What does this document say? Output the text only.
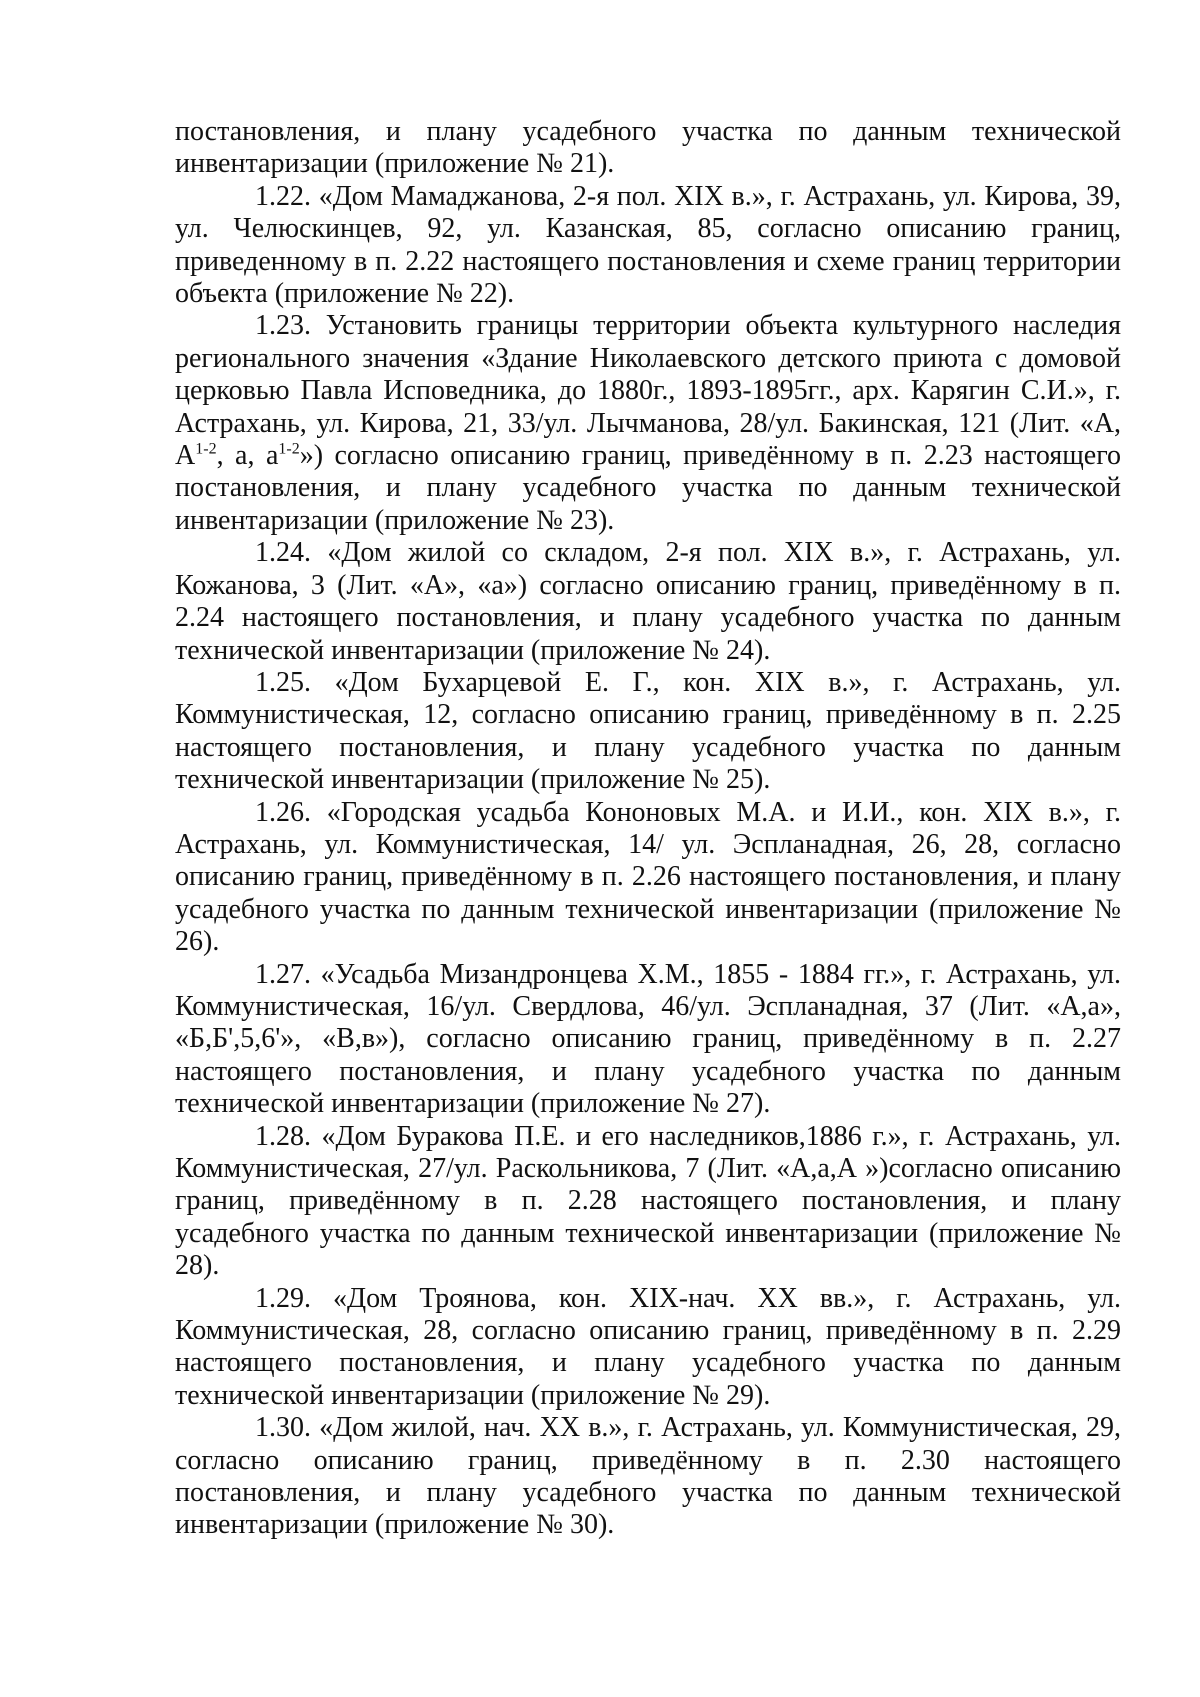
постановления, и плану усадебного участка по данным технической инвентаризации (приложение № 21).

1.22. «Дом Мамаджанова, 2-я пол. XIX в.», г. Астрахань, ул. Кирова, 39, ул. Челюскинцев, 92, ул. Казанская, 85, согласно описанию границ, приведенному в п. 2.22 настоящего постановления и схеме границ территории объекта (приложение № 22).

1.23. Установить границы территории объекта культурного наследия регионального значения «Здание Николаевского детского приюта с домовой церковью Павла Исповедника, до 1880г., 1893-1895гг., арх. Карягин С.И.», г. Астрахань, ул. Кирова, 21, 33/ул. Лычманова, 28/ул. Бакинская, 121 (Лит. «А, $А^{1-2}$, а, $а^{1-2}$») согласно описанию границ, приведённому в п. 2.23 настоящего постановления, и плану усадебного участка по данным технической инвентаризации (приложение № 23).

1.24. «Дом жилой со складом, 2-я пол. XIX в.», г. Астрахань, ул. Кожанова, 3 (Лит. «А», «а») согласно описанию границ, приведённому в п. 2.24 настоящего постановления, и плану усадебного участка по данным технической инвентаризации (приложение № 24).

1.25. «Дом Бухарцевой Е. Г., кон. XIX в.», г. Астрахань, ул. Коммунистическая, 12, согласно описанию границ, приведённому в п. 2.25 настоящего постановления, и плану усадебного участка по данным технической инвентаризации (приложение № 25).

1.26. «Городская усадьба Кононовых М.А. и И.И., кон. XIX в.», г. Астрахань, ул. Коммунистическая, 14/ ул. Эспланадная, 26, 28, согласно описанию границ, приведённому в п. 2.26 настоящего постановления, и плану усадебного участка по данным технической инвентаризации (приложение № 26).

1.27. «Усадьба Мизандронцева Х.М., 1855 - 1884 гг.», г. Астрахань, ул. Коммунистическая, 16/ул. Свердлова, 46/ул. Эспланадная, 37 (Лит. «А,а», «Б,Б',5,6'», «В,в»), согласно описанию границ, приведённому в п. 2.27 настоящего постановления, и плану усадебного участка по данным технической инвентаризации (приложение № 27).

1.28. «Дом Буракова П.Е. и его наследников,1886 г.», г. Астрахань, ул. Коммунистическая, 27/ул. Раскольникова, 7 (Лит. «А,а,А »)согласно описанию границ, приведённому в п. 2.28 настоящего постановления, и плану усадебного участка по данным технической инвентаризации (приложение № 28).

1.29. «Дом Троянова, кон. XIX-нач. XX вв.», г. Астрахань, ул. Коммунистическая, 28, согласно описанию границ, приведённому в п. 2.29 настоящего постановления, и плану усадебного участка по данным технической инвентаризации (приложение № 29).

1.30. «Дом жилой, нач. XX в.», г. Астрахань, ул. Коммунистическая, 29, согласно описанию границ, приведённому в п. 2.30 настоящего постановления, и плану усадебного участка по данным технической инвентаризации (приложение № 30).
